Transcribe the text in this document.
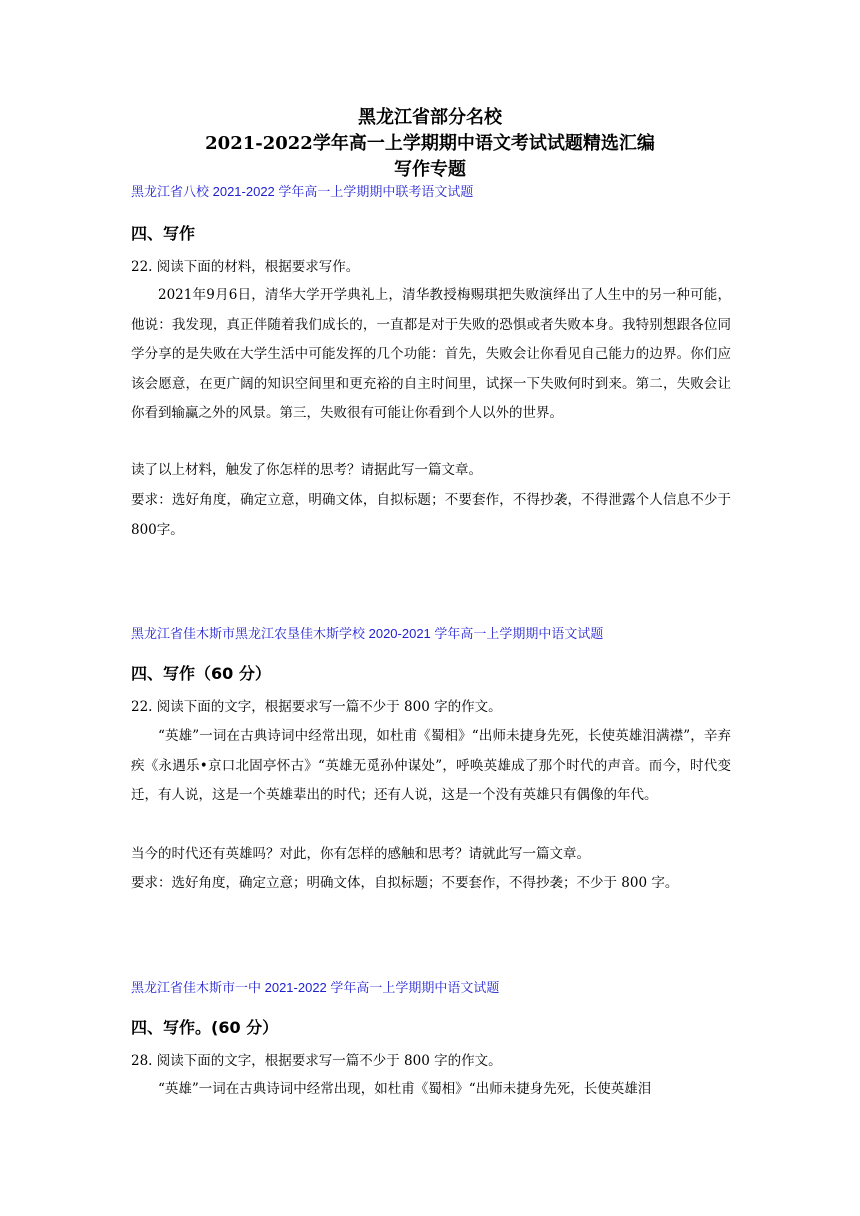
黑龙江省部分名校
2021-2022学年高一上学期期中语文考试试题精选汇编
写作专题
黑龙江省八校 2021-2022 学年高一上学期期中联考语文试题
四、写作
22. 阅读下面的材料，根据要求写作。
2021年9月6日，清华大学开学典礼上，清华教授梅赐琪把失败演绎出了人生中的另一种可能，他说：我发现，真正伴随着我们成长的，一直都是对于失败的恐惧或者失败本身。我特别想跟各位同学分享的是失败在大学生活中可能发挥的几个功能：首先，失败会让你看见自己能力的边界。你们应该会愿意，在更广阔的知识空间里和更充裕的自主时间里，试探一下失败何时到来。第二，失败会让你看到输赢之外的风景。第三，失败很有可能让你看到个人以外的世界。
读了以上材料，触发了你怎样的思考？请据此写一篇文章。
要求：选好角度，确定立意，明确文体，自拟标题；不要套作，不得抄袭，不得泄露个人信息不少于800字。
黑龙江省佳木斯市黑龙江农垦佳木斯学校 2020-2021 学年高一上学期期中语文试题
四、写作（60 分）
22. 阅读下面的文字，根据要求写一篇不少于 800 字的作文。
“英雄”一词在古典诗词中经常出现，如杜甫《蜀相》“出师未捷身先死，长使英雄泪满襟”，辛弃疾《永遇乐•京口北固亭怀古》“英雄无觅孙仲谋处”，呼唤英雄成了那个时代的声音。而今，时代变迁，有人说，这是一个英雄辈出的时代；还有人说，这是一个没有英雄只有偶像的年代。
当今的时代还有英雄吗？对此，你有怎样的感触和思考？请就此写一篇文章。
要求：选好角度，确定立意；明确文体，自拟标题；不要套作，不得抄袭；不少于 800 字。
黑龙江省佳木斯市一中 2021-2022 学年高一上学期期中语文试题
四、写作。(60 分）
28. 阅读下面的文字，根据要求写一篇不少于 800 字的作文。
“英雄”一词在古典诗词中经常出现，如杜甫《蜀相》“出师未捷身先死，长使英雄泪
